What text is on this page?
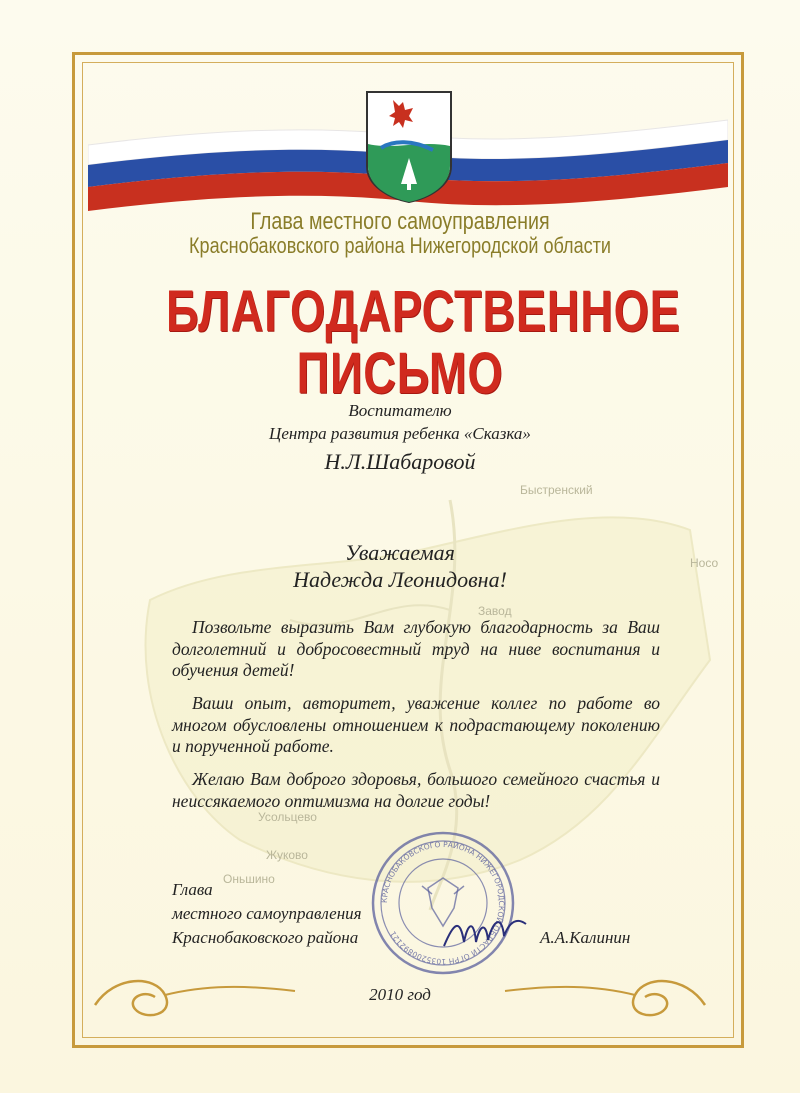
Быстренский
Носо
Завод
Жуково
Усольцево
Оньшино
Глава местного самоуправления
Краснобаковского района Нижегородской области
БЛАГОДАРСТВЕННОЕ
ПИСЬМО
Воспитателю
Центра развития ребенка «Сказка»
Н.Л.Шабаровой
Уважаемая
Надежда Леонидовна!
Позвольте выразить Вам глубокую благодарность за Ваш долголетний и добросовестный труд на ниве воспитания и обучения детей!
Ваши опыт, авторитет, уважение коллег по работе во многом обусловлены отношением к подрастающему поколению и порученной работе.
Желаю Вам доброго здоровья, большого семейного счастья и неиссякаемого оптимизма на долгие годы!
КРАСНОБАКОВСКОГО РАЙОНА НИЖЕГОРОДСКОЙ ОБЛАСТИ ОГРН 1035200892121
Глава
местного самоуправления
Краснобаковского района	А.А.Калинин
2010 год
